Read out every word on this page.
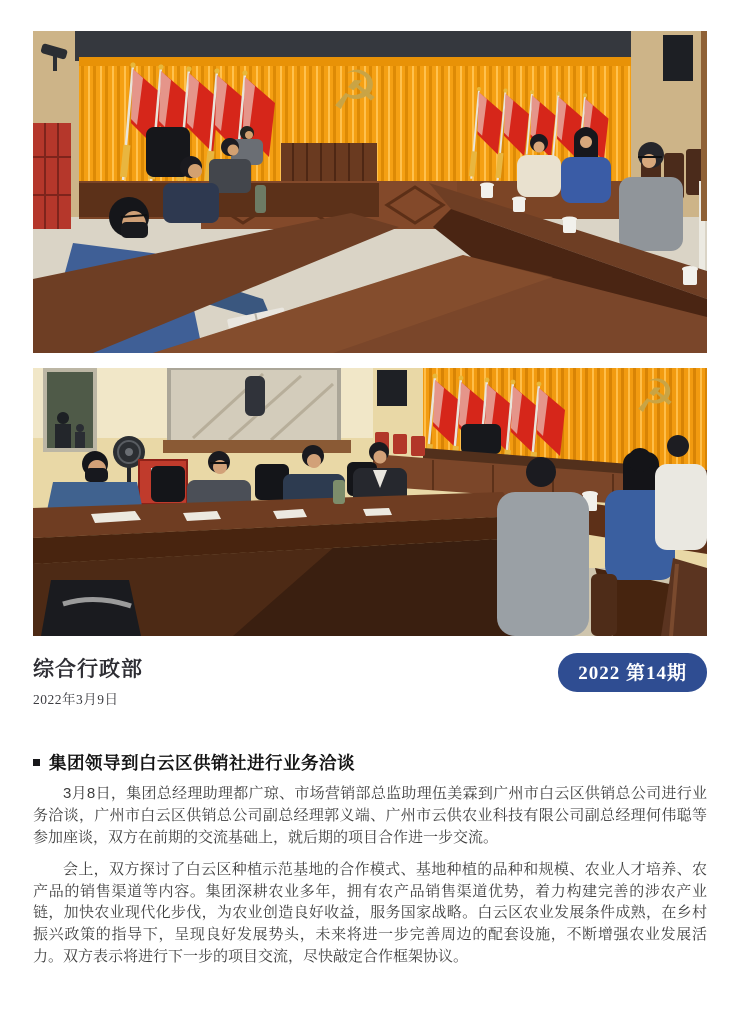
☭
☭
综合行政部
2022年3月9日
2022 第14期
集团领导到白云区供销社进行业务洽谈

3月8日，集团总经理助理都广琼、市场营销部总监助理伍美霖到广州市白云区供销总公司进行业务洽谈，广州市白云区供销总公司副总经理郭义端、广州市云供农业科技有限公司副总经理何伟聪等参加座谈，双方在前期的交流基础上，就后期的项目合作进一步交流。

会上，双方探讨了白云区种植示范基地的合作模式、基地种植的品种和规模、农业人才培养、农产品的销售渠道等内容。集团深耕农业多年，拥有农产品销售渠道优势，着力构建完善的涉农产业链，加快农业现代化步伐，为农业创造良好收益，服务国家战略。白云区农业发展条件成熟，在乡村振兴政策的指导下，呈现良好发展势头，未来将进一步完善周边的配套设施，不断增强农业发展活力。双方表示将进行下一步的项目交流，尽快敲定合作框架协议。
